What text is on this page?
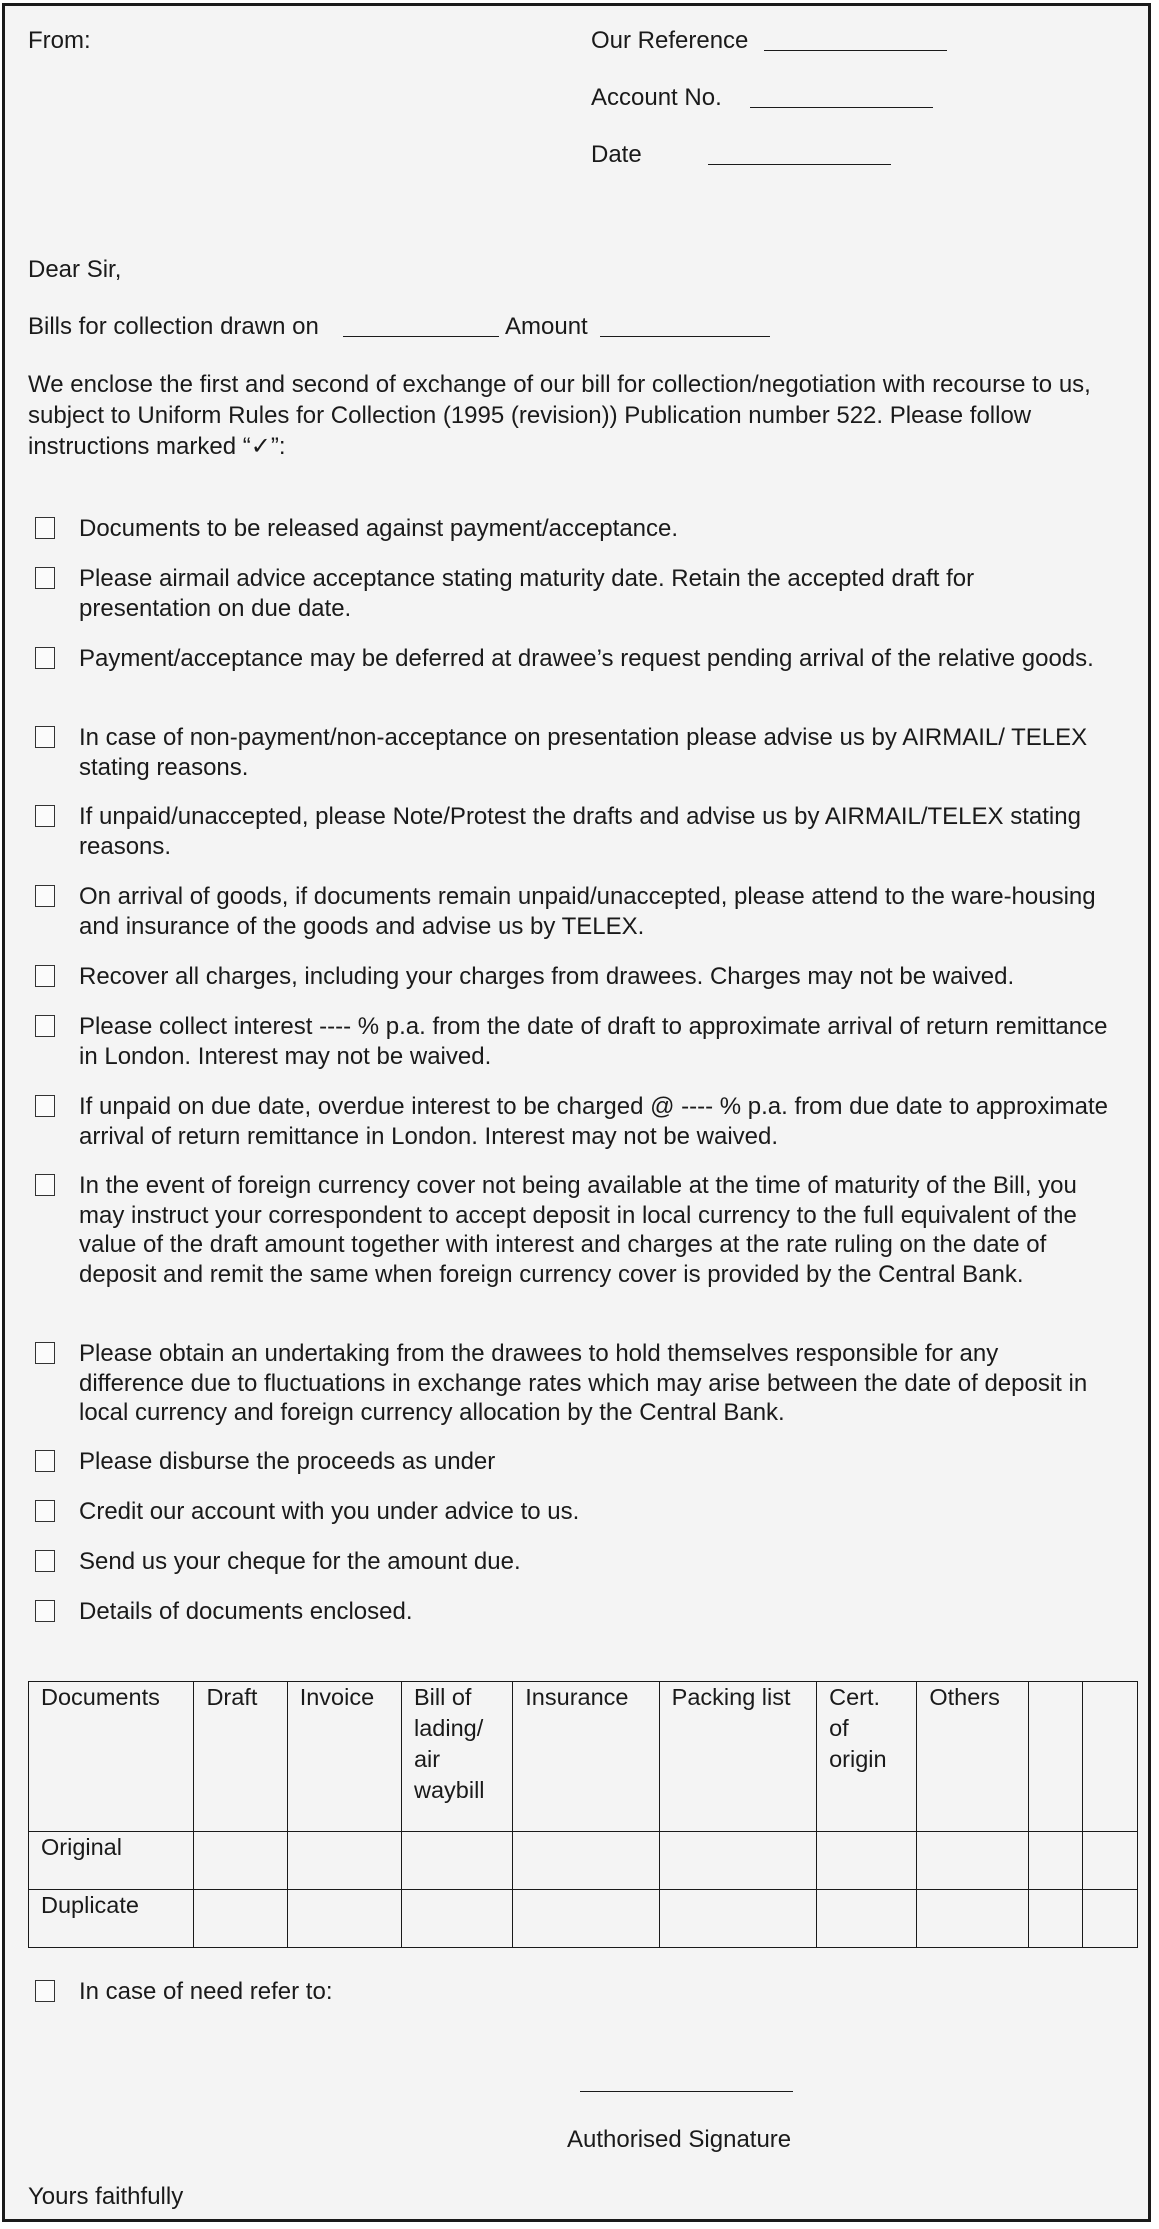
From:	Our Reference
Account No.
Date
Dear Sir,
Bills for collection drawn on	Amount
We enclose the first and second of exchange of our bill for collection/negotiation with recourse to us, subject to Uniform Rules for Collection (1995 (revision)) Publication number 522. Please follow instructions marked “✓”:
Documents to be released against payment/acceptance.
Please airmail advice acceptance stating maturity date. Retain the accepted draft for presentation on due date.
Payment/acceptance may be deferred at drawee’s request pending arrival of the relative goods.
In case of non-payment/non-acceptance on presentation please advise us by AIRMAIL/ TELEX stating reasons.
If unpaid/unaccepted, please Note/Protest the drafts and advise us by AIRMAIL/TELEX stating reasons.
On arrival of goods, if documents remain unpaid/unaccepted, please attend to the ware-housing and insurance of the goods and advise us by TELEX.
Recover all charges, including your charges from drawees. Charges may not be waived.
Please collect interest ---- % p.a. from the date of draft to approximate arrival of return remittance in London. Interest may not be waived.
If unpaid on due date, overdue interest to be charged @ ---- % p.a. from due date to approximate arrival of return remittance in London. Interest may not be waived.
In the event of foreign currency cover not being available at the time of maturity of the Bill, you may instruct your correspondent to accept deposit in local currency to the full equivalent of the value of the draft amount together with interest and charges at the rate ruling on the date of deposit and remit the same when foreign currency cover is provided by the Central Bank.
Please obtain an undertaking from the drawees to hold themselves responsible for any difference due to fluctuations in exchange rates which may arise between the date of deposit in local currency and foreign currency allocation by the Central Bank.
Please disburse the proceeds as under
Credit our account with you under advice to us.
Send us your cheque for the amount due.
Details of documents enclosed.
Documents	Draft	Invoice	Bill of lading/ air waybill	Insurance	Packing list	Cert. of origin	Others		
Original									
Duplicate									
In case of need refer to:
Authorised Signature
Yours faithfully
